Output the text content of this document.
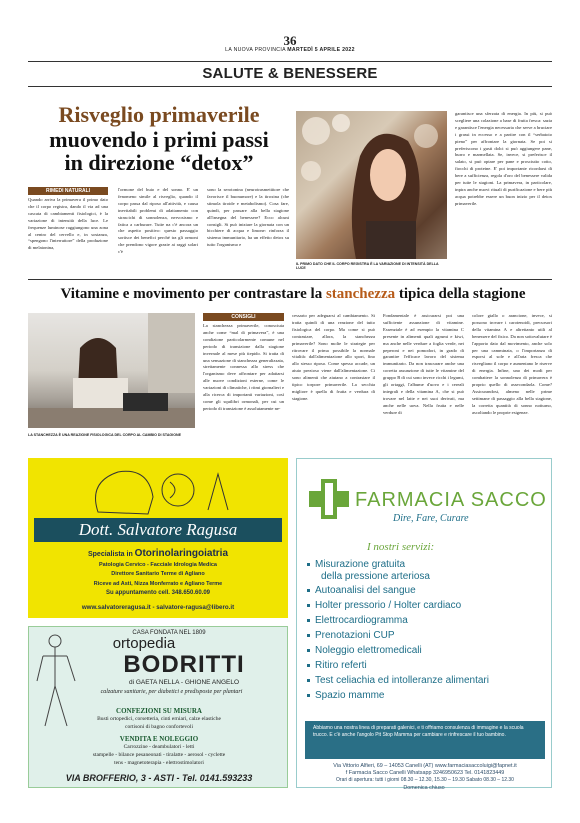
36
LA NUOVA PROVINCIA MARTEDÌ 5 APRILE 2022
SALUTE & BENESSERE
Risveglio primaverile
muovendo i primi passi
in direzione “detox”
RIMEDI NATURALI
Quando arriva la primavera il primo dato che il corpo registra, dando il via ad una cascata di cambiamenti fisiologici, è la variazione di intensità della luce. Le frequenze luminose raggiungono una zona al centro del cervello e, in sostanza, “spengono l'interruttore” della produzione di melatonina,
l'ormone del buio e del sonno. E' un fenomeno simile al risveglio, quando il corpo passa dal riposo all'attività, e causa inevitabili problemi di adattamento con strascichi di sonnolenza, nervosismo e fatica a carburare. Tutte na c'è ancora un che aspetto positivo: questo passaggio sortisce dei benefici perché tra gli ormoni che prendono vigore grazie ai raggi solari c'è
sono la serotonina (neurotrasmettitore che favorisce il buonumore) e la tiroxina (che stimola tiroide e metabolismo). Cosa fare, quindi, per passare alla bella stagione all'insegna del benessere? Ecco alcuni consigli. Si può iniziare la giornata con un bicchiere di acqua e limone: rinforza il sistema immunitario, ha un effetto detox su tutto l'organismo e
IL PRIMO DATO CHE IL CORPO REGISTRA È LA VARIAZIONE DI INTENSITÀ DELLA LUCE
garantisce una sferzata di energia. In più, si può scegliere una colazione a base di frutta fresca: sazia e garantisce l'energia necessaria che serve a bruciare i grassi in eccesso e a partire con il “serbatoio pieno” per affrontare la giornata. Se poi si preferiscono i gusti dolci si può aggiungere pane, burro e marmellata. Se, invece, si preferisce il salato, si può optare per pane e prosciutto cotto, fiocchi di proteine. E' poi importante ricordarsi di bere a sufficienza, regola d'oro del benessere valida per tutte le stagioni. La primavera, in particolare, inpira anche nuovi rituali di purificazione e bere più acqua potrebbe essere un buon inizio per il detox primaverile.
Vitamine e movimento per contrastare la stanchezza tipica della stagione
LA STANCHEZZA È UNA REAZIONE FISIOLOGICA DEL CORPO AL CAMBIO DI STAGIONE
CONSIGLI
La stanchezza primaverile, conosciuta anche come “mal di primavera”, è una condizione particolarmente comune nel periodo di transizione dalla stagione invernale al mese più tiepido. Si tratta di una sensazione di stanchezza generalizzata, strettamente connessa allo stress che l'organismo deve affrontare per adattarsi alle nuove condizioni esterne, come le variazioni di climatiche, i ritmi giornalieri e alla ricerca di importanti variazioni, così come gli squilibri ormonali, per cui un periodo di transizione è assolutamente ne-
cessario per adeguarsi al cambiamento. Si tratta quindi di una reazione del tutto fisiologica del corpo. Ma come si può contrastare, allora, la stanchezza primaverile? Sono molte le strategie per ritrovare il prima possibile la normale vitalità: dall'alimentazione allo sport, fino allo stesso riposo. Come spesso accade, un aiuto prezioso viene dall'alimentazione. Ci sono alimenti che aiutano a contrastare il tipico torpore primaverile. La secchia migliore è quella di frutta e verdura di stagione.
Fondamentale è assicurarsi poi una sufficiente assunzione di vitamine. Essenziale è ad esempio la vitamina C presente in alimenti quali agrumi e kiwi, ma anche nelle verdure a foglia verde, nei peperoni e nei pomodori, in grado di garantire l'efficace lavoro del sistema immunitario. Da non trascurare anche una corretta assunzione di tutte le vitamine del gruppo B di cui sono invece ricchi i legumi, gli ortaggi, l'albume d'uovo e i cereali integrali e della vitamina A, che si può trovare nel latte e nei suoi derivati, ma anche nelle uova. Nella frutta e nelle verdure di
colore giallo o arancione, invece, si possono trovare i carotenoidi, precursori della vitamina A e altrettanto utili al benessere del fisico. Da non sottovalutare è l'apporto dato dal movimento, anche solo per una camminata, o l'importanza di esporsi al sole e all'aria fresca che risvegliano il corpo e aumentano le riserve di energia. Infine, uno dei modi per combattere la sonnolenza di primavera è proprio quello di assecondarla. Come? Assicurandosi, almeno nelle prime settimane di passaggio alla bella stagione, la corretta quantità di sonno notturno, ascoltando le proprie esigenze.
Dott. Salvatore Ragusa
Specialista in Otorinolaringoiatria
Patologia Cervico - Facciale Idrologia Medica
Direttore Sanitario Terme di Agliano
Riceve ad Asti, Nizza Monferrato e Agliano Terme
Su appuntamento cell. 348.650.60.09
www.salvatoreragusa.it - salvatore-ragusa@libero.it
CASA FONDATA NEL 1809
ortopedia
BODRITTI
di GAETA NELLA - GHIONE ANGELO
calzature sanitarie, per diabetici e predisposte per plantari
CONFEZIONI SU MISURA
Busti ortopedici, corsetteria, cinti erniari, calze elastiche
cortisoni di bagno confortevoli
VENDITA E NOLEGGIO
Carrozzine - deambulatori - letti
stampelle - bilance pesaneonati - tiralatte - aerosol - cyclette
tens - magnetoterapia - elettrostimolatori
VIA BROFFERIO, 3 - ASTI - Tel. 0141.593233
FARMACIA SACCO
Dire, Fare, Curare
I nostri servizi:
Misurazione gratuita
della pressione arteriosa
Autoanalisi del sangue
Holter pressorio / Holter cardiaco
Elettrocardiogramma
Prenotazioni CUP
Noleggio elettromedicali
Ritiro referti
Test celiachia ed intolleranze alimentari
Spazio mamme
Abbiamo una nostra linea di preparati galenici, e ti offriamo consulenza di immagine e la scuola trucco. E c'è anche l'angolo Pit Stop Mamma per cambiare e rinfrescare il tuo bambino.
Via Vittorio Alfieri, 69 – 14053 Canelli (AT) www.farmaciasaccoluigi@fapnet.it
f Farmacia Sacco Canelli Whatsapp 3246950623 Tel. 0141823449
Orari di apertura: tutti i giorni 08.30 – 12.30, 15.30 – 19.30 Sabato 08.30 – 12.30
Domenica chiuso
